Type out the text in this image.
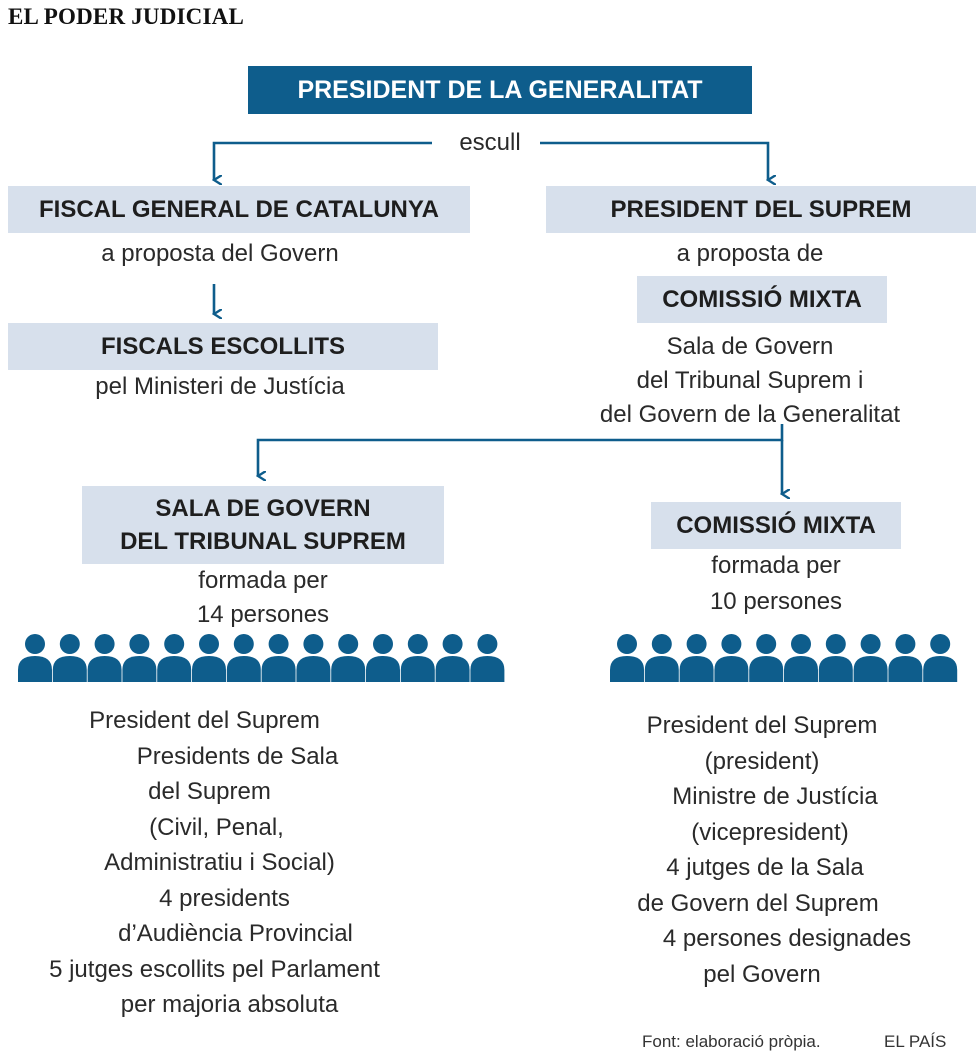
EL PODER JUDICIAL
PRESIDENT DE LA GENERALITAT
escull
FISCAL GENERAL DE CATALUNYA
a proposta del Govern
FISCALS ESCOLLITS
pel Ministeri de Justícia
PRESIDENT DEL SUPREM
a proposta de
COMISSIÓ MIXTA
Sala de Govern
del Tribunal Suprem i
del Govern de la Generalitat
SALA DE GOVERN
DEL TRIBUNAL SUPREM
formada per
14 persones
President del Suprem
Presidents de Sala
del Suprem
(Civil, Penal,
Administratiu i Social)
4 presidents
d’Audiència Provincial
5 jutges escollits pel Parlament
per majoria absoluta
COMISSIÓ MIXTA
formada per
10 persones
President del Suprem
(president)
Ministre de Justícia
(vicepresident)
4 jutges de la Sala
de Govern del Suprem
4 persones designades
pel Govern
Font: elaboració pròpia.	EL PAÍS
